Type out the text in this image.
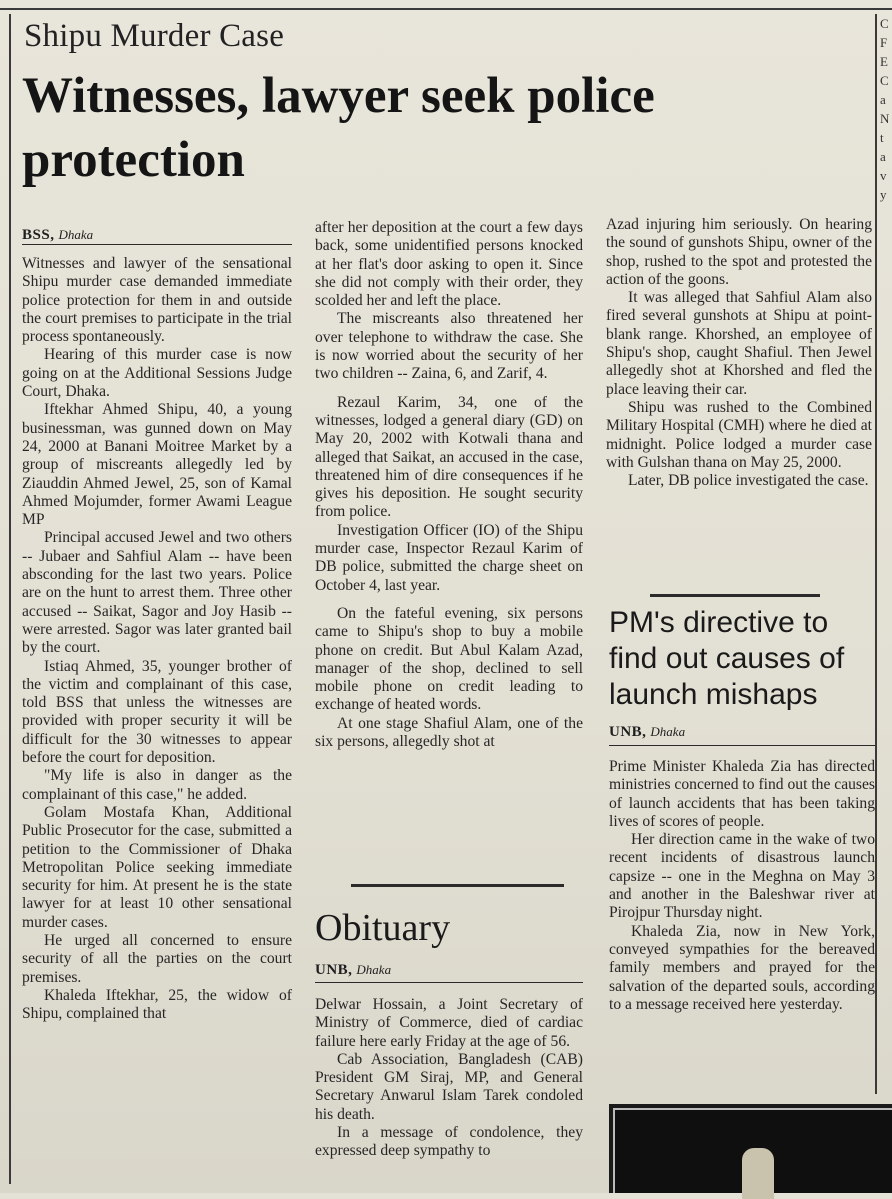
Shipu Murder Case
Witnesses, lawyer seek police protection
BSS, Dhaka

Witnesses and lawyer of the sensational Shipu murder case demanded immediate police protection for them in and outside the court premises to participate in the trial process spontaneously.

Hearing of this murder case is now going on at the Additional Sessions Judge Court, Dhaka.

Iftekhar Ahmed Shipu, 40, a young businessman, was gunned down on May 24, 2000 at Banani Moitree Market by a group of miscreants allegedly led by Ziauddin Ahmed Jewel, 25, son of Kamal Ahmed Mojumder, former Awami League MP

Principal accused Jewel and two others -- Jubaer and Sahfiul Alam -- have been absconding for the last two years. Police are on the hunt to arrest them. Three other accused -- Saikat, Sagor and Joy Hasib -- were arrested. Sagor was later granted bail by the court.

Istiaq Ahmed, 35, younger brother of the victim and complainant of this case, told BSS that unless the witnesses are provided with proper security it will be difficult for the 30 witnesses to appear before the court for deposition.

"My life is also in danger as the complainant of this case," he added.

Golam Mostafa Khan, Additional Public Prosecutor for the case, submitted a petition to the Commissioner of Dhaka Metropolitan Police seeking immediate security for him. At present he is the state lawyer for at least 10 other sensational murder cases.

He urged all concerned to ensure security of all the parties on the court premises.

Khaleda Iftekhar, 25, the widow of Shipu, complained that

after her deposition at the court a few days back, some unidentified persons knocked at her flat's door asking to open it. Since she did not comply with their order, they scolded her and left the place.

The miscreants also threatened her over telephone to withdraw the case. She is now worried about the security of her two children -- Zaina, 6, and Zarif, 4.

Rezaul Karim, 34, one of the witnesses, lodged a general diary (GD) on May 20, 2002 with Kotwali thana and alleged that Saikat, an accused in the case, threatened him of dire consequences if he gives his deposition. He sought security from police.

Investigation Officer (IO) of the Shipu murder case, Inspector Rezaul Karim of DB police, submitted the charge sheet on October 4, last year.

On the fateful evening, six persons came to Shipu's shop to buy a mobile phone on credit. But Abul Kalam Azad, manager of the shop, declined to sell mobile phone on credit leading to exchange of heated words.

At one stage Shafiul Alam, one of the six persons, allegedly shot at

Obituary
UNB, Dhaka

Delwar Hossain, a Joint Secretary of Ministry of Commerce, died of cardiac failure here early Friday at the age of 56.

Cab Association, Bangladesh (CAB) President GM Siraj, MP, and General Secretary Anwarul Islam Tarek condoled his death.

In a message of condolence, they expressed deep sympathy to

Azad injuring him seriously. On hearing the sound of gunshots Shipu, owner of the shop, rushed to the spot and protested the action of the goons.

It was alleged that Sahfiul Alam also fired several gunshots at Shipu at point-blank range. Khorshed, an employee of Shipu's shop, caught Shafiul. Then Jewel allegedly shot at Khorshed and fled the place leaving their car.

Shipu was rushed to the Combined Military Hospital (CMH) where he died at midnight. Police lodged a murder case with Gulshan thana on May 25, 2000.

Later, DB police investigated the case.

PM's directive to find out causes of launch mishaps
UNB, Dhaka

Prime Minister Khaleda Zia has directed ministries concerned to find out the causes of launch accidents that has been taking lives of scores of people.

Her direction came in the wake of two recent incidents of disastrous launch capsize -- one in the Meghna on May 3 and another in the Baleshwar river at Pirojpur Thursday night.

Khaleda Zia, now in New York, conveyed sympathies for the bereaved family members and prayed for the salvation of the departed souls, according to a message received here yesterday.

C
F
E
C
a
N
t
a
v
y
